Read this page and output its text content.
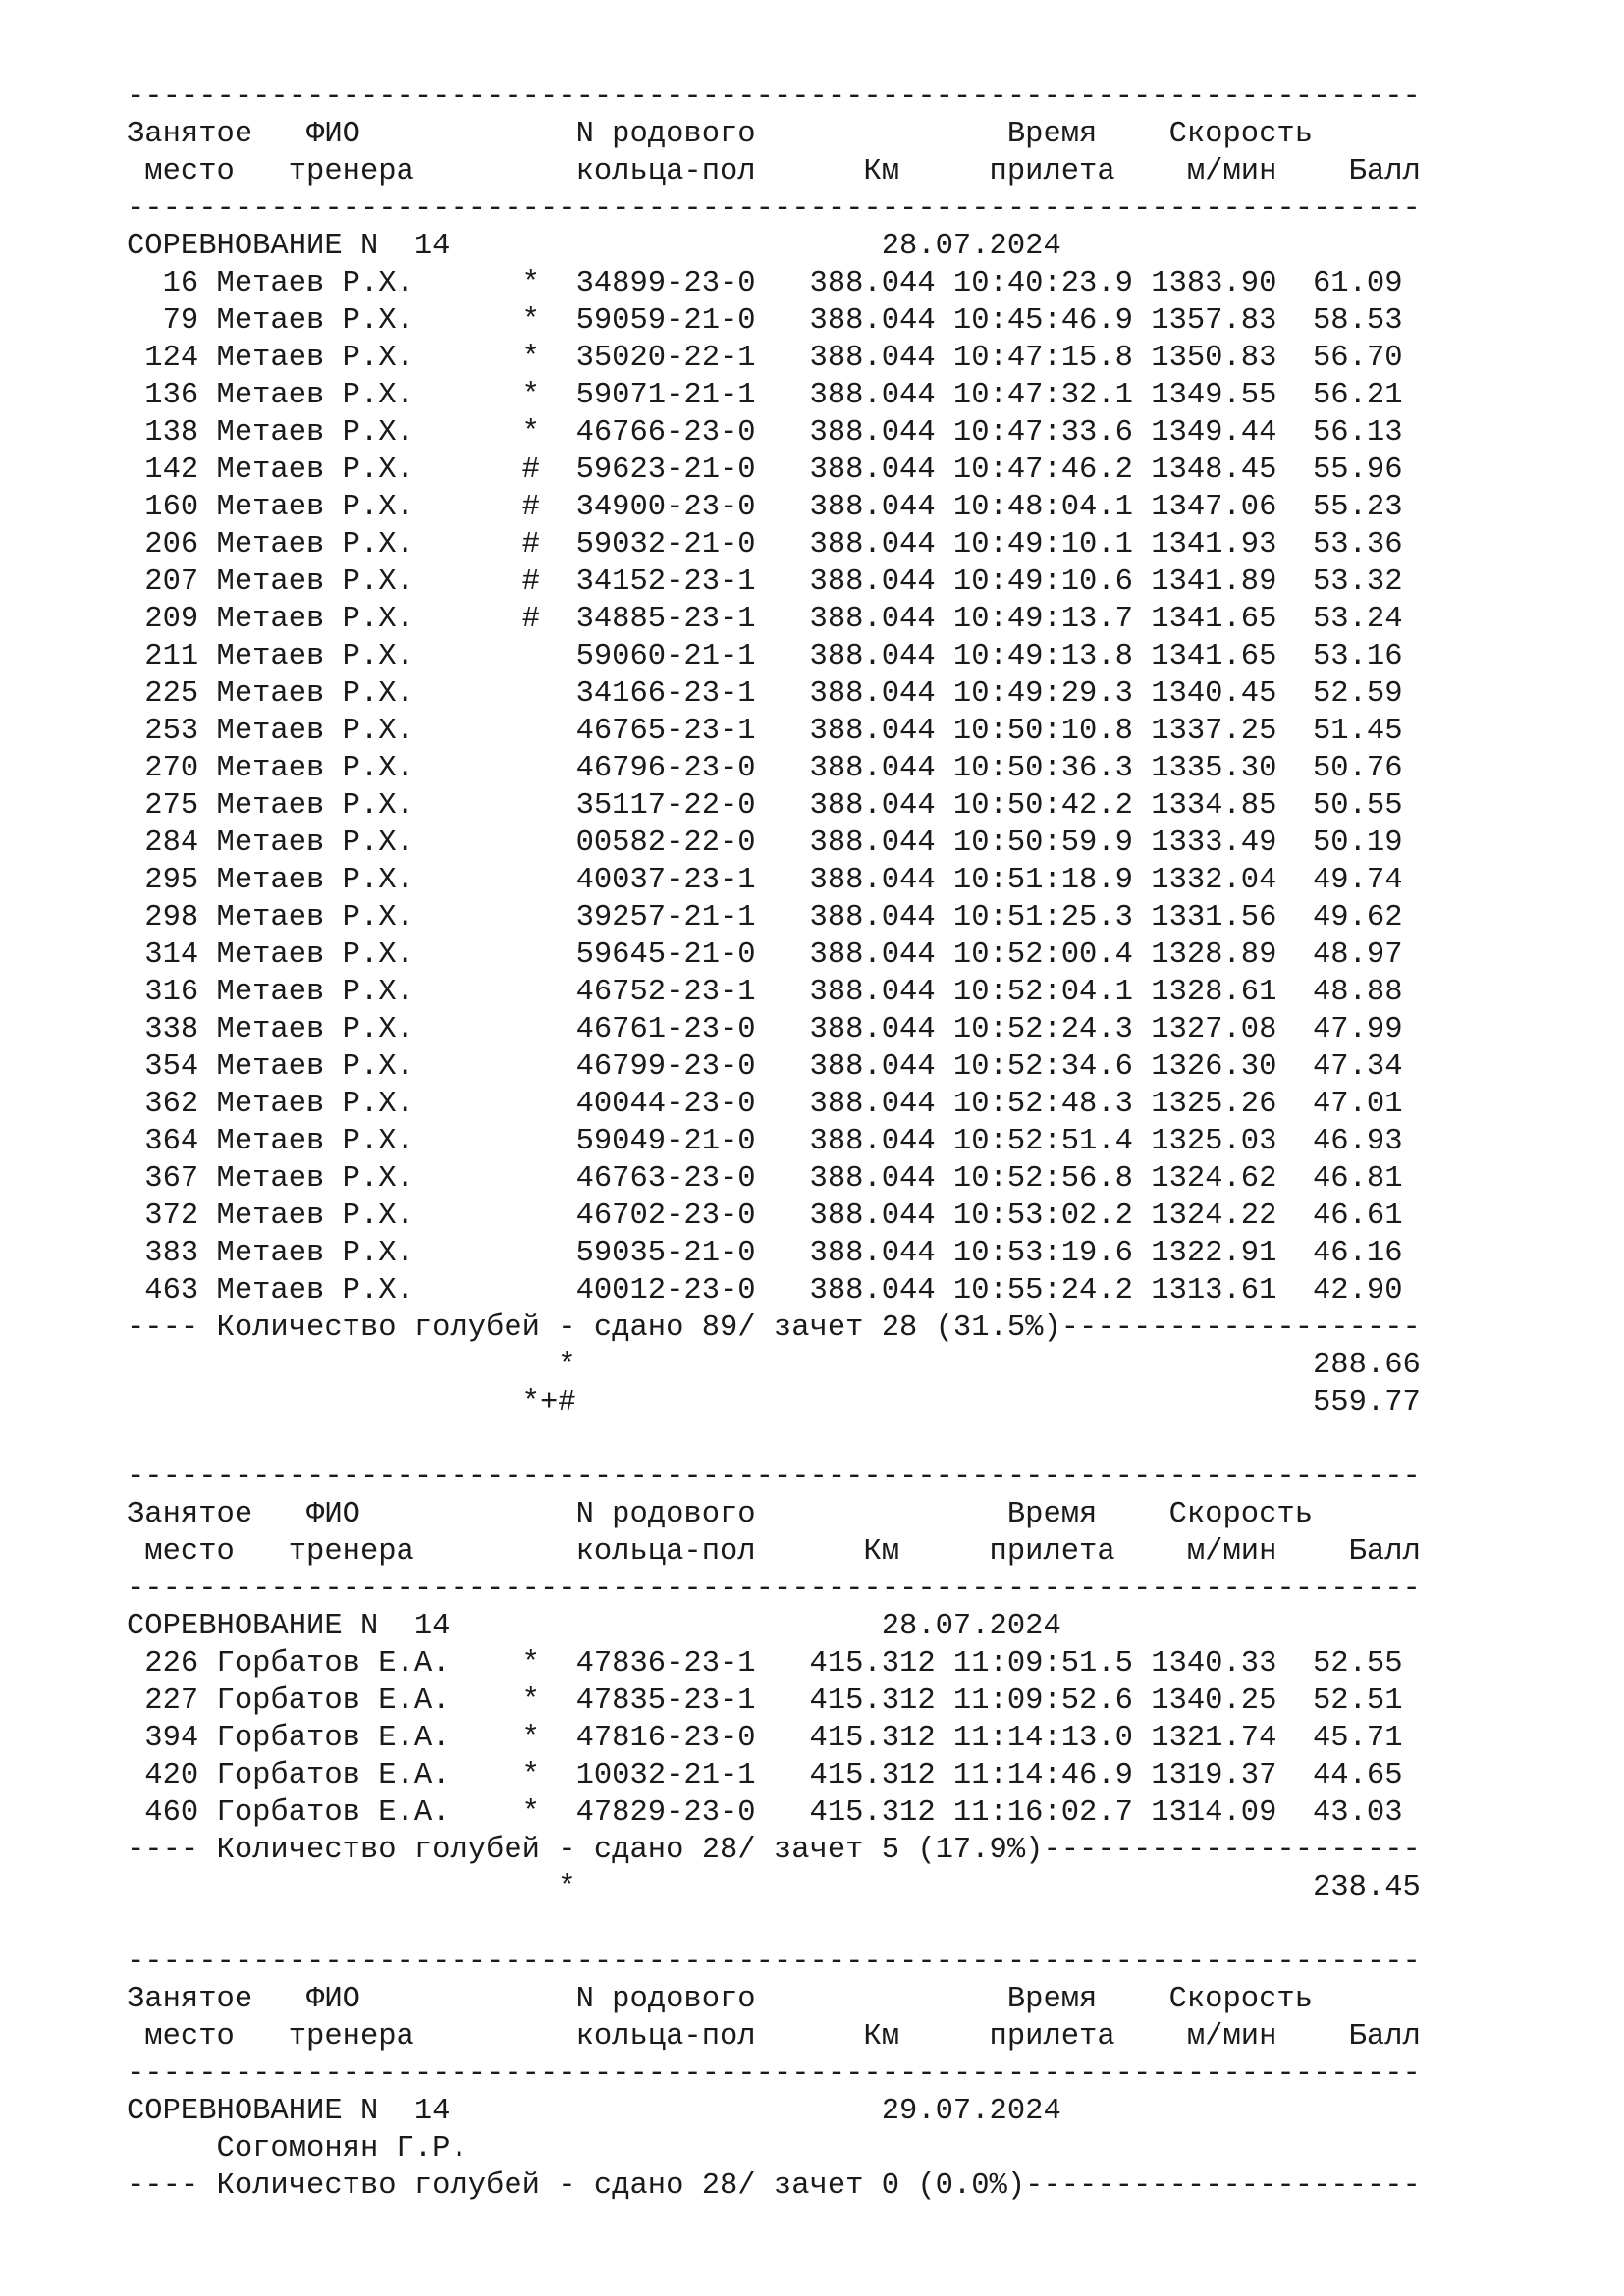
------------------------------------------------------------------------
Занятое   ФИО            N родового              Время    Скорость
место   тренера         кольца-пол      Км     прилета    м/мин    Балл
------------------------------------------------------------------------
СОРЕВНОВАНИЕ N  14                        28.07.2024
16 Метаев Р.Х.      *  34899-23-0   388.044 10:40:23.9 1383.90  61.09
79 Метаев Р.Х.      *  59059-21-0   388.044 10:45:46.9 1357.83  58.53
124 Метаев Р.Х.      *  35020-22-1   388.044 10:47:15.8 1350.83  56.70
136 Метаев Р.Х.      *  59071-21-1   388.044 10:47:32.1 1349.55  56.21
138 Метаев Р.Х.      *  46766-23-0   388.044 10:47:33.6 1349.44  56.13
142 Метаев Р.Х.      #  59623-21-0   388.044 10:47:46.2 1348.45  55.96
160 Метаев Р.Х.      #  34900-23-0   388.044 10:48:04.1 1347.06  55.23
206 Метаев Р.Х.      #  59032-21-0   388.044 10:49:10.1 1341.93  53.36
207 Метаев Р.Х.      #  34152-23-1   388.044 10:49:10.6 1341.89  53.32
209 Метаев Р.Х.      #  34885-23-1   388.044 10:49:13.7 1341.65  53.24
211 Метаев Р.Х.         59060-21-1   388.044 10:49:13.8 1341.65  53.16
225 Метаев Р.Х.         34166-23-1   388.044 10:49:29.3 1340.45  52.59
253 Метаев Р.Х.         46765-23-1   388.044 10:50:10.8 1337.25  51.45
270 Метаев Р.Х.         46796-23-0   388.044 10:50:36.3 1335.30  50.76
275 Метаев Р.Х.         35117-22-0   388.044 10:50:42.2 1334.85  50.55
284 Метаев Р.Х.         00582-22-0   388.044 10:50:59.9 1333.49  50.19
295 Метаев Р.Х.         40037-23-1   388.044 10:51:18.9 1332.04  49.74
298 Метаев Р.Х.         39257-21-1   388.044 10:51:25.3 1331.56  49.62
314 Метаев Р.Х.         59645-21-0   388.044 10:52:00.4 1328.89  48.97
316 Метаев Р.Х.         46752-23-1   388.044 10:52:04.1 1328.61  48.88
338 Метаев Р.Х.         46761-23-0   388.044 10:52:24.3 1327.08  47.99
354 Метаев Р.Х.         46799-23-0   388.044 10:52:34.6 1326.30  47.34
362 Метаев Р.Х.         40044-23-0   388.044 10:52:48.3 1325.26  47.01
364 Метаев Р.Х.         59049-21-0   388.044 10:52:51.4 1325.03  46.93
367 Метаев Р.Х.         46763-23-0   388.044 10:52:56.8 1324.62  46.81
372 Метаев Р.Х.         46702-23-0   388.044 10:53:02.2 1324.22  46.61
383 Метаев Р.Х.         59035-21-0   388.044 10:53:19.6 1322.91  46.16
463 Метаев Р.Х.         40012-23-0   388.044 10:55:24.2 1313.61  42.90
---- Количество голубей - сдано 89/ зачет 28 (31.5%)--------------------
*                                         288.66
*+#                                         559.77
------------------------------------------------------------------------
Занятое   ФИО            N родового              Время    Скорость
место   тренера         кольца-пол      Км     прилета    м/мин    Балл
------------------------------------------------------------------------
СОРЕВНОВАНИЕ N  14                        28.07.2024
226 Горбатов Е.А.    *  47836-23-1   415.312 11:09:51.5 1340.33  52.55
227 Горбатов Е.А.    *  47835-23-1   415.312 11:09:52.6 1340.25  52.51
394 Горбатов Е.А.    *  47816-23-0   415.312 11:14:13.0 1321.74  45.71
420 Горбатов Е.А.    *  10032-21-1   415.312 11:14:46.9 1319.37  44.65
460 Горбатов Е.А.    *  47829-23-0   415.312 11:16:02.7 1314.09  43.03
---- Количество голубей - сдано 28/ зачет 5 (17.9%)---------------------
*                                         238.45
------------------------------------------------------------------------
Занятое   ФИО            N родового              Время    Скорость
место   тренера         кольца-пол      Км     прилета    м/мин    Балл
------------------------------------------------------------------------
СОРЕВНОВАНИЕ N  14                        29.07.2024
Согомонян Г.Р.
---- Количество голубей - сдано 28/ зачет 0 (0.0%)----------------------
